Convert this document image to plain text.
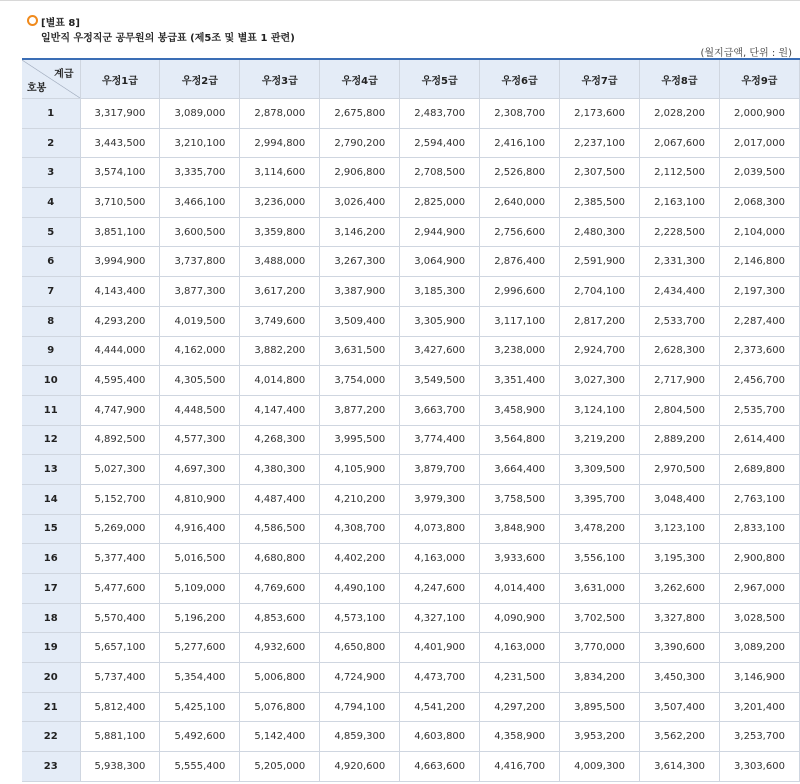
[별표 8]
일반직 우정직군 공무원의 봉급표 (제5조 및 별표 1 관련)
(월지급액, 단위 : 원)
계급
호봉	우정1급	우정2급	우정3급	우정4급	우정5급	우정6급	우정7급	우정8급	우정9급
1	3,317,900	3,089,000	2,878,000	2,675,800	2,483,700	2,308,700	2,173,600	2,028,200	2,000,900
2	3,443,500	3,210,100	2,994,800	2,790,200	2,594,400	2,416,100	2,237,100	2,067,600	2,017,000
3	3,574,100	3,335,700	3,114,600	2,906,800	2,708,500	2,526,800	2,307,500	2,112,500	2,039,500
4	3,710,500	3,466,100	3,236,000	3,026,400	2,825,000	2,640,000	2,385,500	2,163,100	2,068,300
5	3,851,100	3,600,500	3,359,800	3,146,200	2,944,900	2,756,600	2,480,300	2,228,500	2,104,000
6	3,994,900	3,737,800	3,488,000	3,267,300	3,064,900	2,876,400	2,591,900	2,331,300	2,146,800
7	4,143,400	3,877,300	3,617,200	3,387,900	3,185,300	2,996,600	2,704,100	2,434,400	2,197,300
8	4,293,200	4,019,500	3,749,600	3,509,400	3,305,900	3,117,100	2,817,200	2,533,700	2,287,400
9	4,444,000	4,162,000	3,882,200	3,631,500	3,427,600	3,238,000	2,924,700	2,628,300	2,373,600
10	4,595,400	4,305,500	4,014,800	3,754,000	3,549,500	3,351,400	3,027,300	2,717,900	2,456,700
11	4,747,900	4,448,500	4,147,400	3,877,200	3,663,700	3,458,900	3,124,100	2,804,500	2,535,700
12	4,892,500	4,577,300	4,268,300	3,995,500	3,774,400	3,564,800	3,219,200	2,889,200	2,614,400
13	5,027,300	4,697,300	4,380,300	4,105,900	3,879,700	3,664,400	3,309,500	2,970,500	2,689,800
14	5,152,700	4,810,900	4,487,400	4,210,200	3,979,300	3,758,500	3,395,700	3,048,400	2,763,100
15	5,269,000	4,916,400	4,586,500	4,308,700	4,073,800	3,848,900	3,478,200	3,123,100	2,833,100
16	5,377,400	5,016,500	4,680,800	4,402,200	4,163,000	3,933,600	3,556,100	3,195,300	2,900,800
17	5,477,600	5,109,000	4,769,600	4,490,100	4,247,600	4,014,400	3,631,000	3,262,600	2,967,000
18	5,570,400	5,196,200	4,853,600	4,573,100	4,327,100	4,090,900	3,702,500	3,327,800	3,028,500
19	5,657,100	5,277,600	4,932,600	4,650,800	4,401,900	4,163,000	3,770,000	3,390,600	3,089,200
20	5,737,400	5,354,400	5,006,800	4,724,900	4,473,700	4,231,500	3,834,200	3,450,300	3,146,900
21	5,812,400	5,425,100	5,076,800	4,794,100	4,541,200	4,297,200	3,895,500	3,507,400	3,201,400
22	5,881,100	5,492,600	5,142,400	4,859,300	4,603,800	4,358,900	3,953,200	3,562,200	3,253,700
23	5,938,300	5,555,400	5,205,000	4,920,600	4,663,600	4,416,700	4,009,300	3,614,300	3,303,600
